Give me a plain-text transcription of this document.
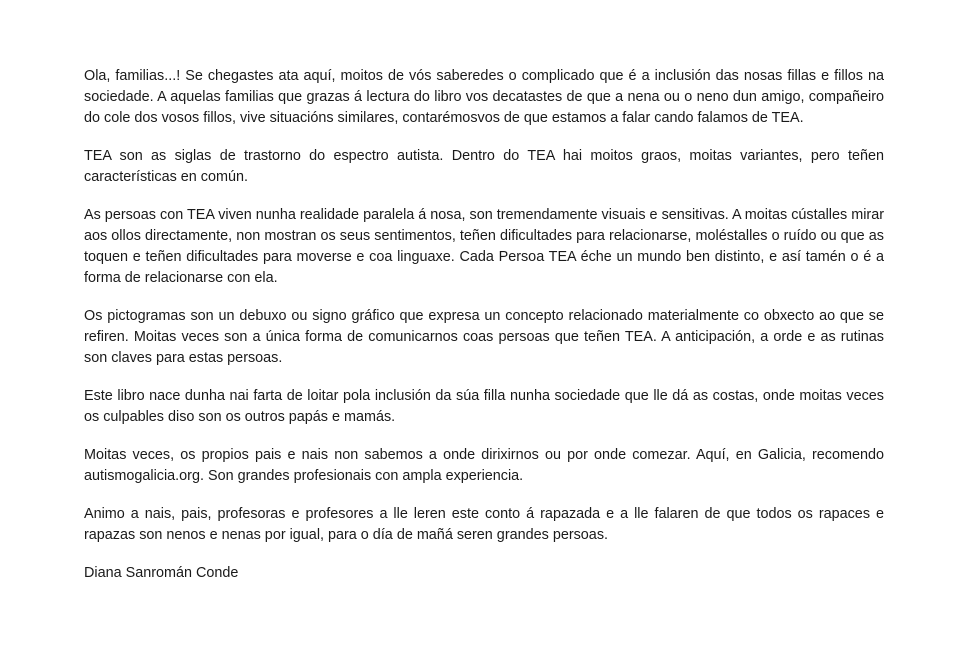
Ola, familias...! Se chegastes ata aquí, moitos de vós saberedes o complicado que é a inclusión das nosas fillas e fillos na sociedade. A aquelas familias que grazas á lectura do libro vos decatastes de que a nena ou o neno dun amigo, compañeiro do cole dos vosos fillos, vive situacións similares, contarémosvos de que estamos a falar cando falamos de TEA.

TEA son as siglas de trastorno do espectro autista. Dentro do TEA hai moitos graos, moitas variantes, pero teñen características en común.

As persoas con TEA viven nunha realidade paralela á nosa, son tremendamente visuais e sensitivas. A moitas cústalles mirar aos ollos directamente, non mostran os seus sentimentos, teñen dificultades para relacionarse, moléstalles o ruído ou que as toquen e teñen dificultades para moverse e coa linguaxe. Cada Persoa TEA éche un mundo ben distinto, e así tamén o é a forma de relacionarse con ela.

Os pictogramas son un debuxo ou signo gráfico que expresa un concepto relacionado materialmente co obxecto ao que se refiren. Moitas veces son a única forma de comunicarnos coas persoas que teñen TEA. A anticipación, a orde e as rutinas son claves para estas persoas.

Este libro nace dunha nai farta de loitar pola inclusión da súa filla nunha sociedade que lle dá as costas, onde moitas veces os culpables diso son os outros papás e mamás.

Moitas veces, os propios pais e nais non sabemos a onde dirixirnos ou por onde comezar. Aquí, en Galicia, recomendo autismogalicia.org. Son grandes profesionais con ampla experiencia.

Animo a nais, pais, profesoras e profesores a lle leren este conto á rapazada e a lle falaren de que todos os rapaces e rapazas son nenos e nenas por igual, para o día de mañá seren grandes persoas.

Diana Sanromán Conde
